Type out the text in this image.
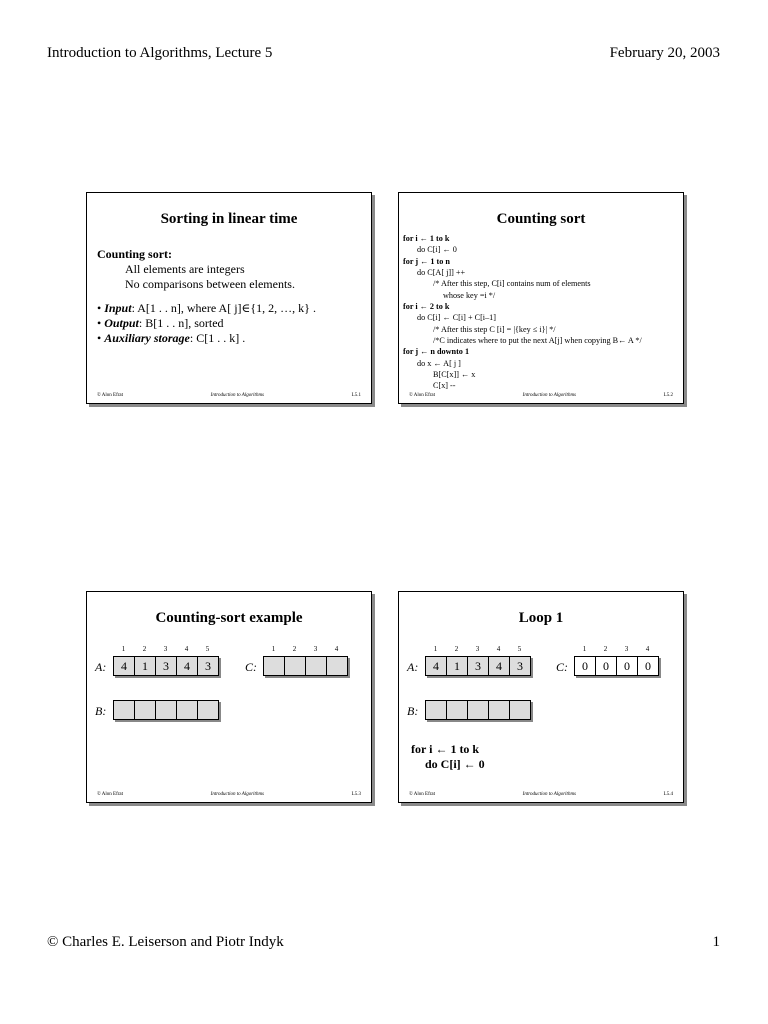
Introduction to Algorithms, Lecture 5	February 20, 2003
Sorting in linear time
Counting sort:
All elements are integers
No comparisons between elements.
• Input: A[1 . . n], where A[ j]∈{1, 2, …, k} .
• Output: B[1 . . n], sorted
• Auxiliary storage: C[1 . . k] .
© Alon Efrat	Introduction to Algorithms	L5.1
Counting sort
for i ← 1 to k
do C[i] ← 0
for j ← 1 to n
do C[A[ j]] ++
/* After this step, C[i] contains num of elements
whose key =i */
for i ← 2 to k
do C[i] ← C[i] + C[i–1]
/* After this step C [i] = |{key ≤ i}| */
/*C indicates where to put the next A[j] when copying B← A */
for j ← n downto 1
do x ← A[ j ]
B[C[x]] ← x
C[x] --
© Alon Efrat	Introduction to Algorithms	L5.2
Counting-sort example
1	2	3	4	5
A:	4	1	3	4	3
1	2	3	4
C:
B:
© Alon Efrat	Introduction to Algorithms	L5.3
Loop 1
1	2	3	4	5
A:	4	1	3	4	3
1	2	3	4
C:	0	0	0	0
B:
for i ← 1 to k
do C[i] ← 0
© Alon Efrat	Introduction to Algorithms	L5.4
© Charles E. Leiserson and Piotr Indyk	1
